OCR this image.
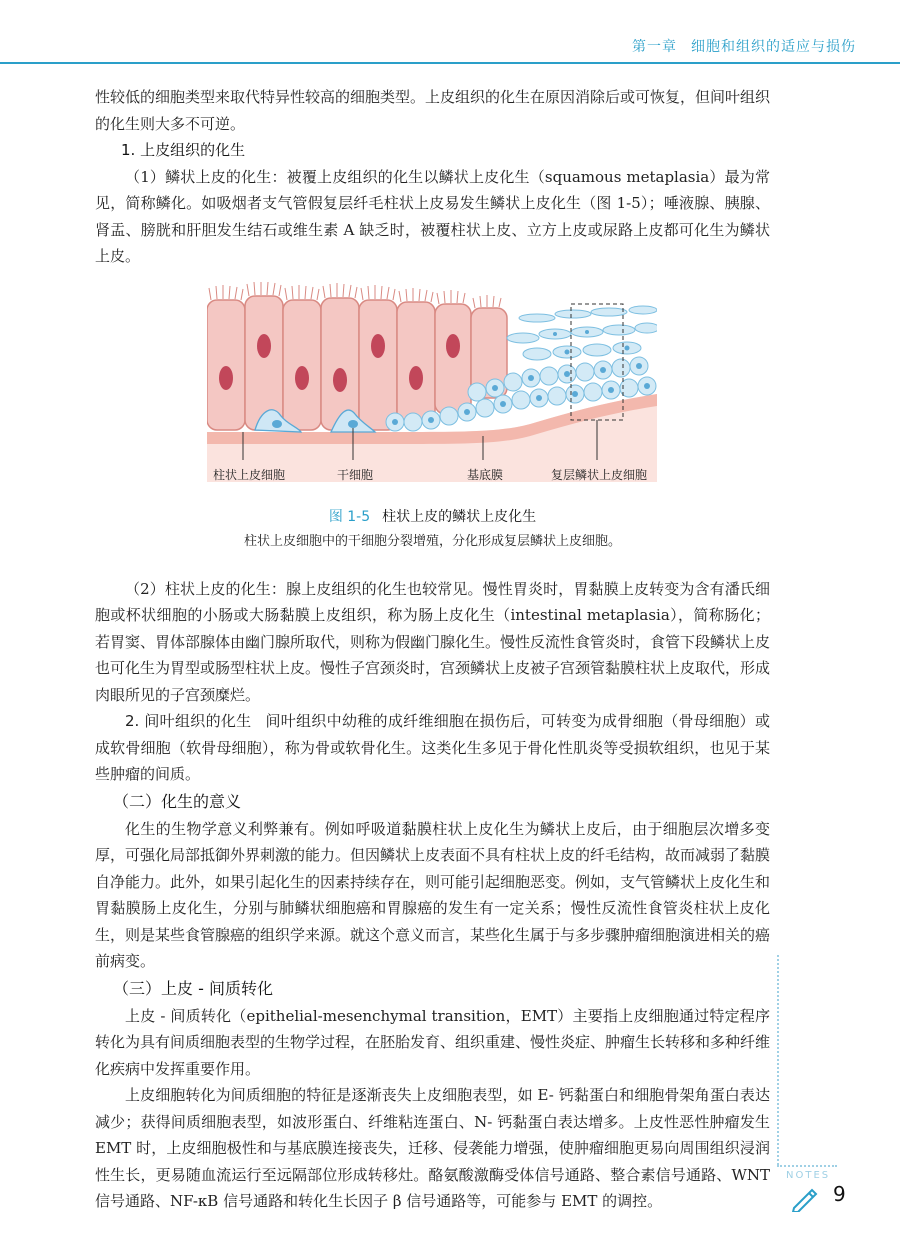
第一章 细胞和组织的适应与损伤

性较低的细胞类型来取代特异性较高的细胞类型。上皮组织的化生在原因消除后或可恢复，但间叶组织的化生则大多不可逆。

1. 上皮组织的化生

（1）鳞状上皮的化生：被覆上皮组织的化生以鳞状上皮化生（squamous metaplasia）最为常见，简称鳞化。如吸烟者支气管假复层纤毛柱状上皮易发生鳞状上皮化生（图 1-5）；唾液腺、胰腺、肾盂、膀胱和肝胆发生结石或维生素 A 缺乏时，被覆柱状上皮、立方上皮或尿路上皮都可化生为鳞状上皮。

柱状上皮细胞	干细胞	基底膜	复层鳞状上皮细胞
图 1-5 柱状上皮的鳞状上皮化生
柱状上皮细胞中的干细胞分裂增殖，分化形成复层鳞状上皮细胞。

（2）柱状上皮的化生：腺上皮组织的化生也较常见。慢性胃炎时，胃黏膜上皮转变为含有潘氏细胞或杯状细胞的小肠或大肠黏膜上皮组织，称为肠上皮化生（intestinal metaplasia），简称肠化；若胃窦、胃体部腺体由幽门腺所取代，则称为假幽门腺化生。慢性反流性食管炎时，食管下段鳞状上皮也可化生为胃型或肠型柱状上皮。慢性子宫颈炎时，宫颈鳞状上皮被子宫颈管黏膜柱状上皮取代，形成肉眼所见的子宫颈糜烂。

2. 间叶组织的化生 间叶组织中幼稚的成纤维细胞在损伤后，可转变为成骨细胞（骨母细胞）或成软骨细胞（软骨母细胞），称为骨或软骨化生。这类化生多见于骨化性肌炎等受损软组织，也见于某些肿瘤的间质。

（二）化生的意义

化生的生物学意义利弊兼有。例如呼吸道黏膜柱状上皮化生为鳞状上皮后，由于细胞层次增多变厚，可强化局部抵御外界刺激的能力。但因鳞状上皮表面不具有柱状上皮的纤毛结构，故而减弱了黏膜自净能力。此外，如果引起化生的因素持续存在，则可能引起细胞恶变。例如，支气管鳞状上皮化生和胃黏膜肠上皮化生，分别与肺鳞状细胞癌和胃腺癌的发生有一定关系；慢性反流性食管炎柱状上皮化生，则是某些食管腺癌的组织学来源。就这个意义而言，某些化生属于与多步骤肿瘤细胞演进相关的癌前病变。

（三）上皮 - 间质转化

上皮 - 间质转化（epithelial-mesenchymal transition，EMT）主要指上皮细胞通过特定程序转化为具有间质细胞表型的生物学过程，在胚胎发育、组织重建、慢性炎症、肿瘤生长转移和多种纤维化疾病中发挥重要作用。

上皮细胞转化为间质细胞的特征是逐渐丧失上皮细胞表型，如 E- 钙黏蛋白和细胞骨架角蛋白表达减少；获得间质细胞表型，如波形蛋白、纤维粘连蛋白、N- 钙黏蛋白表达增多。上皮性恶性肿瘤发生 EMT 时，上皮细胞极性和与基底膜连接丧失，迁移、侵袭能力增强，使肿瘤细胞更易向周围组织浸润性生长，更易随血流运行至远隔部位形成转移灶。酪氨酸激酶受体信号通路、整合素信号通路、WNT 信号通路、NF-κB 信号通路和转化生长因子 β 信号通路等，可能参与 EMT 的调控。

NOTES
9
